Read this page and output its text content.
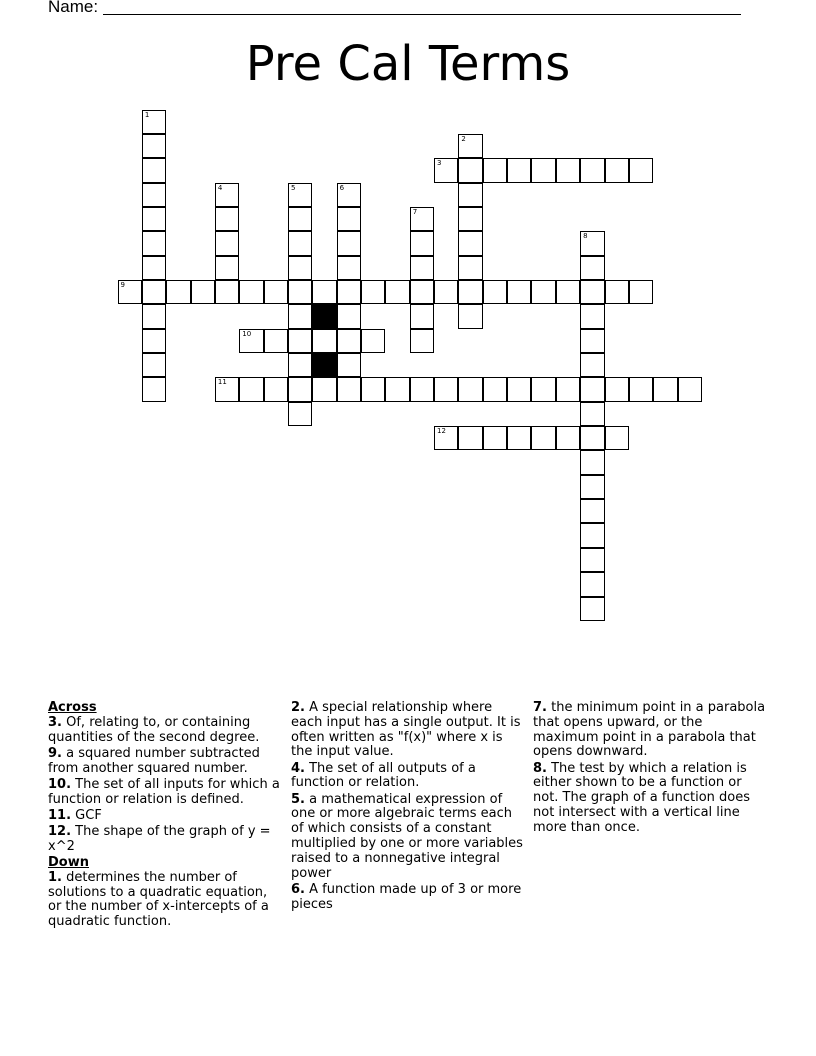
Name:
Pre Cal Terms
1
2
3
4	5	6
7
8
9
10
11
12
Across
3. Of, relating to, or containing quantities of the second degree.
9. a squared number subtracted from another squared number.
10. The set of all inputs for which a function or relation is defined.
11. GCF
12. The shape of the graph of y = x^2
Down
1. determines the number of solutions to a quadratic equation, or the number of x-intercepts of a quadratic function.
2. A special relationship where each input has a single output. It is often written as "f(x)" where x is the input value.
4. The set of all outputs of a function or relation.
5. a mathematical expression of one or more algebraic terms each of which consists of a constant multiplied by one or more variables raised to a nonnegative integral power
6. A function made up of 3 or more pieces
7. the minimum point in a parabola that opens upward, or the maximum point in a parabola that opens downward.
8. The test by which a relation is either shown to be a function or not. The graph of a function does not intersect with a vertical line more than once.
